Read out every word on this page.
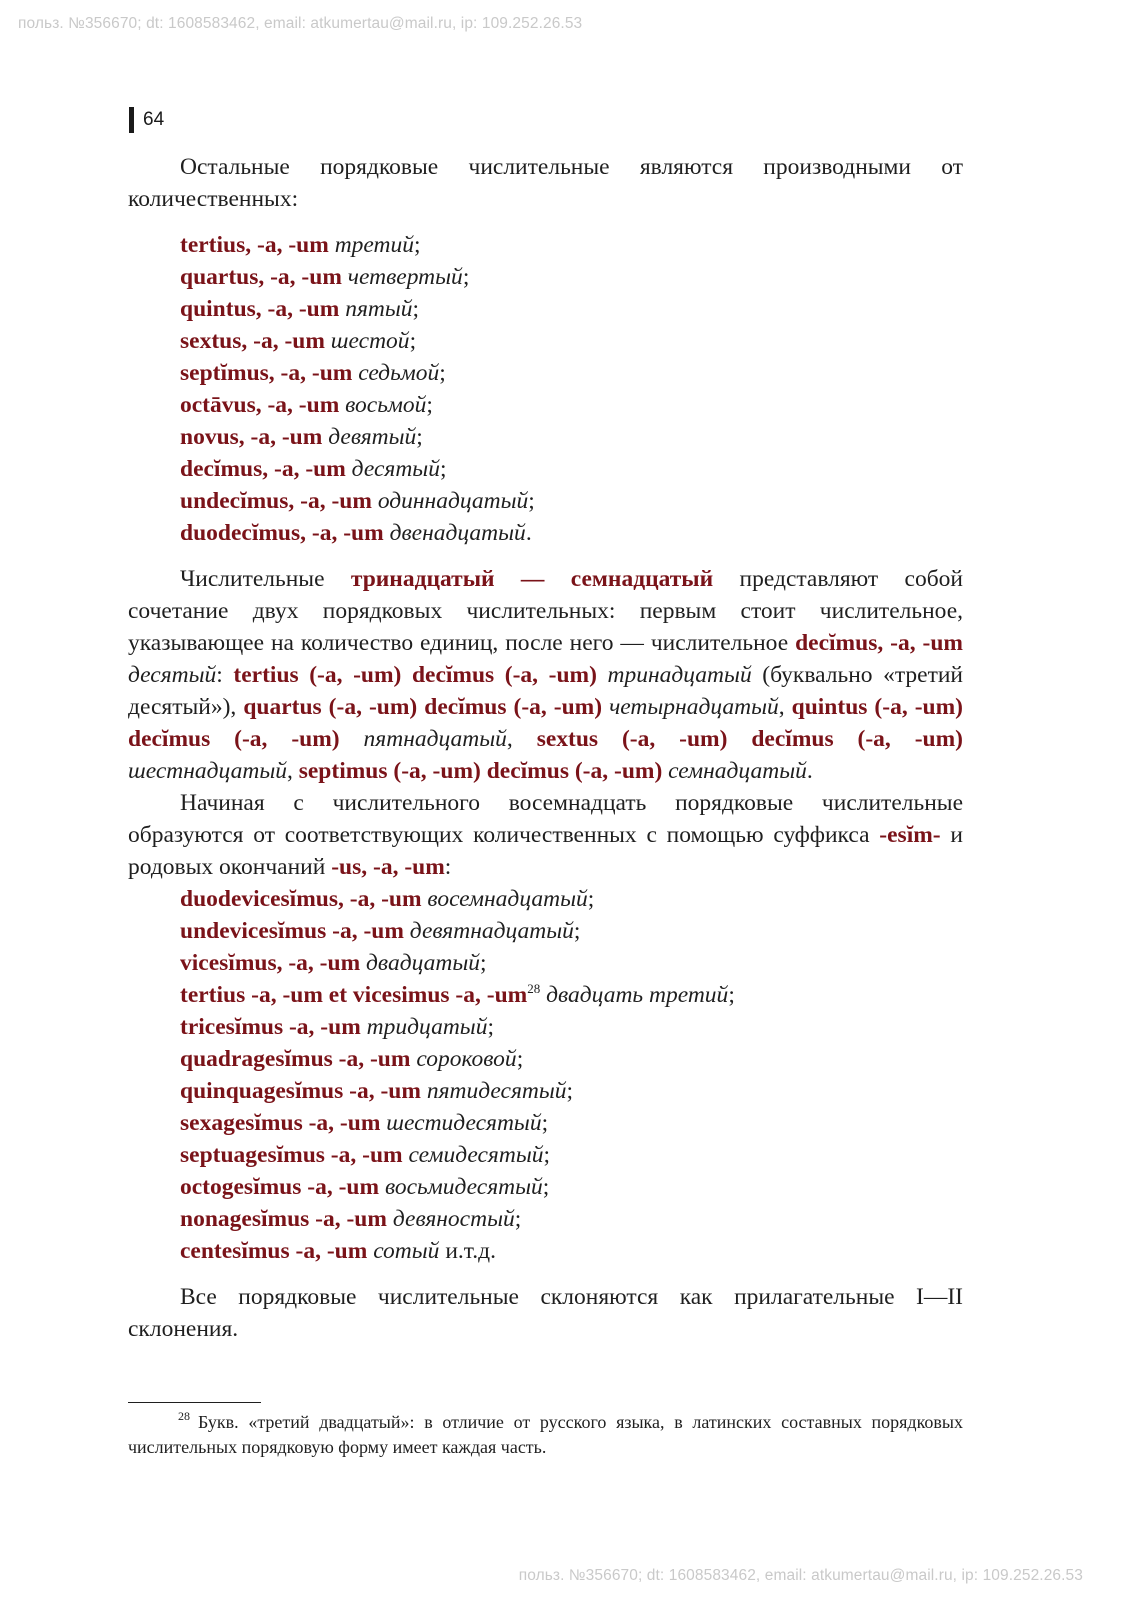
польз. №356670; dt: 1608583462, email: atkumertau@mail.ru, ip: 109.252.26.53
64

Остальные порядковые числительные являются производными от количественных:

tertius, -a, -um третий;
quartus, -a, -um четвертый;
quintus, -a, -um пятый;
sextus, -a, -um шестой;
septĭmus, -a, -um седьмой;
octāvus, -a, -um восьмой;
novus, -a, -um девятый;
decĭmus, -a, -um десятый;
undecĭmus, -a, -um одиннадцатый;
duodecĭmus, -a, -um двенадцатый.

Числительные тринадцатый — семнадцатый представляют собой сочетание двух порядковых числительных: первым стоит числительное, указывающее на количество единиц, после него — числительное decĭmus, -a, -um десятый: tertius (-a, -um) decĭmus (-a, -um) тринадцатый (буквально «третий десятый»), quartus (-a, -um) decĭmus (-a, -um) четырнадцатый, quintus (-a, -um) decĭmus (-a, -um) пятнадцатый, sextus (-a, -um) decĭmus (-a, -um) шестнадцатый, septimus (-a, -um) decĭmus (-a, -um) семнадцатый.

Начиная с числительного восемнадцать порядковые числительные образуются от соответствующих количественных с помощью суффикса -esĭm- и родовых окончаний -us, -a, -um:

duodevicesĭmus, -a, -um восемнадцатый;
undevicesĭmus -a, -um девятнадцатый;
vicesĭmus, -a, -um двадцатый;
tertius -a, -um et vicesimus -a, $-um^{28}$ двадцать третий;
tricesĭmus -a, -um тридцатый;
quadragesĭmus -a, -um сороковой;
quinquagesĭmus -a, -um пятидесятый;
sexagesĭmus -a, -um шестидесятый;
septuagesĭmus -a, -um семидесятый;
octogesĭmus -a, -um восьмидесятый;
nonagesĭmus -a, -um девяностый;
centesĭmus -a, -um сотый и.т.д.

Все порядковые числительные склоняются как прилагательные I—II склонения.

$^{28}$ Букв. «третий двадцатый»: в отличие от русского языка, в латинских составных порядковых числительных порядковую форму имеет каждая часть.
польз. №356670; dt: 1608583462, email: atkumertau@mail.ru, ip: 109.252.26.53
